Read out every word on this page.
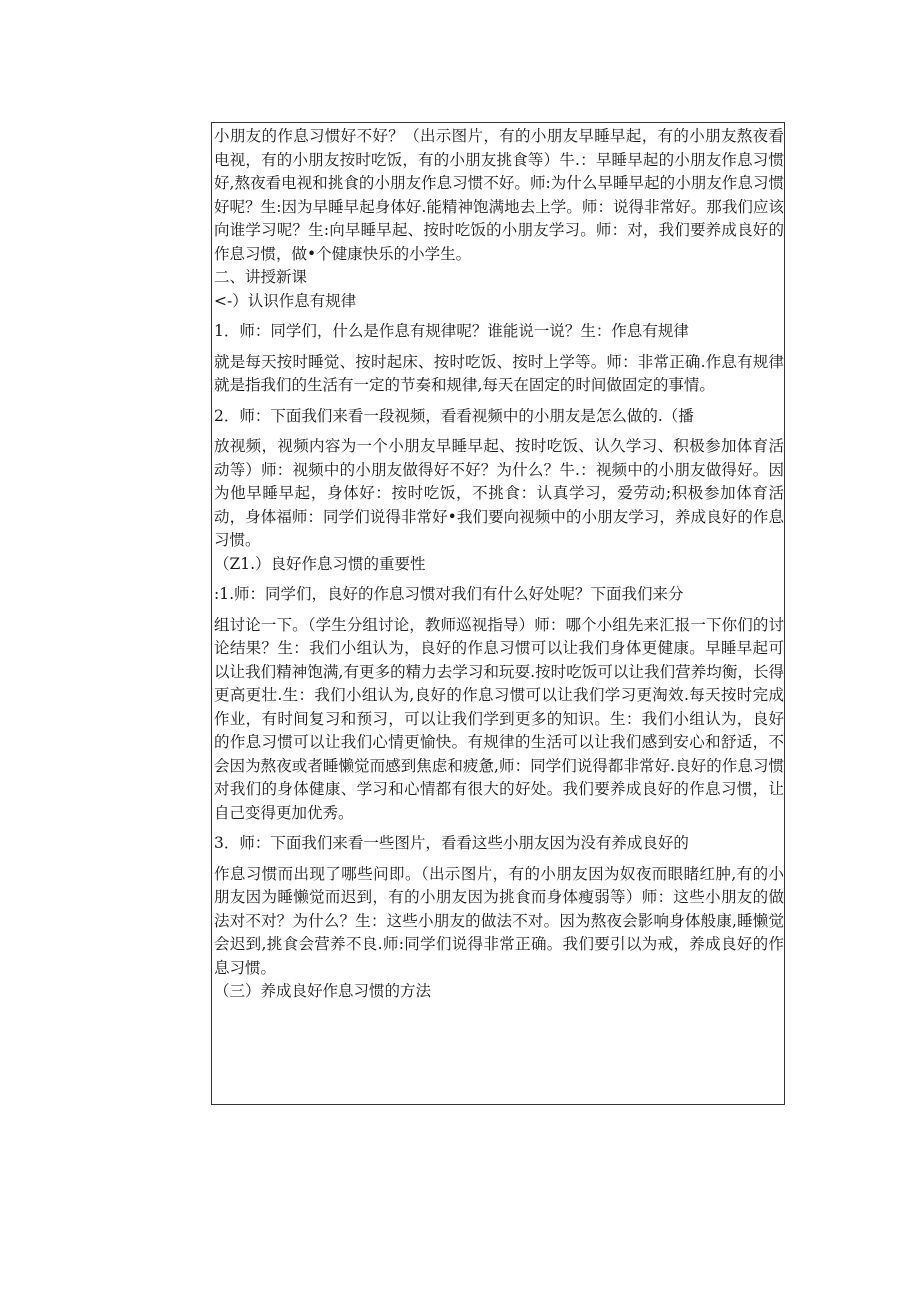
小朋友的作息习惯好不好？（出示图片，有的小朋友早睡早起，有的小朋友熬夜看电视，有的小朋友按时吃饭，有的小朋友挑食等）牛.：早睡早起的小朋友作息习惯好,熬夜看电视和挑食的小朋友作息习惯不好。师:为什么早睡早起的小朋友作息习惯好呢？生:因为早睡早起身体好.能精神饱满地去上学。师：说得非常好。那我们应该向谁学习呢？生:向早睡早起、按时吃饭的小朋友学习。师：对，我们要养成良好的作息习惯，做•个健康快乐的小学生。

二、讲授新课

<-）认识作息有规律

1．师：同学们，什么是作息有规律呢？谁能说一说？生：作息有规律

就是每天按时睡觉、按时起床、按时吃饭、按时上学等。师：非常正确.作息有规律就是指我们的生活有一定的节奏和规律,每天在固定的时间做固定的事情。

2．师：下面我们来看一段视频，看看视频中的小朋友是怎么做的.（播

放视频，视频内容为一个小朋友早睡早起、按时吃饭、认久学习、积极参加体育活动等）师：视频中的小朋友做得好不好？为什么？牛.：视频中的小朋友做得好。因为他早睡早起，身体好：按时吃饭，不挑食：认真学习，爱劳动;积极参加体育活动，身体福师：同学们说得非常好•我们要向视频中的小朋友学习，养成良好的作息习惯。

（Z1.）良好作息习惯的重要性

:1.师：同学们，良好的作息习惯对我们有什么好处呢？下面我们来分

组讨论一下。（学生分组讨论，教师巡视指导）师：哪个小组先来汇报一下你们的讨论结果？生：我们小组认为，良好的作息习惯可以让我们身体更健康。早睡早起可以让我们精神饱满,有更多的精力去学习和玩耍.按时吃饭可以让我们营养均衡，长得更高更壮.生：我们小组认为,良好的作息习惯可以让我们学习更淘效.每天按时完成作业，有时间复习和预习，可以让我们学到更多的知识。生：我们小组认为，良好的作息习惯可以让我们心情更愉快。有规律的生活可以让我们感到安心和舒适，不会因为熬夜或者睡懒觉而感到焦虑和疲惫,师：同学们说得都非常好.良好的作息习惯对我们的身体健康、学习和心情都有很大的好处。我们要养成良好的作息习惯，让自己变得更加优秀。

3．师：下面我们来看一些图片，看看这些小朋友因为没有养成良好的

作息习惯而出现了哪些问即。（出示图片，有的小朋友因为奴夜而眼睹红肿,有的小朋友因为睡懒觉而迟到，有的小朋友因为挑食而身体瘦弱等）师：这些小朋友的做法对不对？为什么？生：这些小朋友的做法不对。因为熬夜会影响身体般康,睡懒觉会迟到,挑食会营养不良.师:同学们说得非常正确。我们要引以为戒，养成良好的作息习惯。

（三）养成良好作息习惯的方法
